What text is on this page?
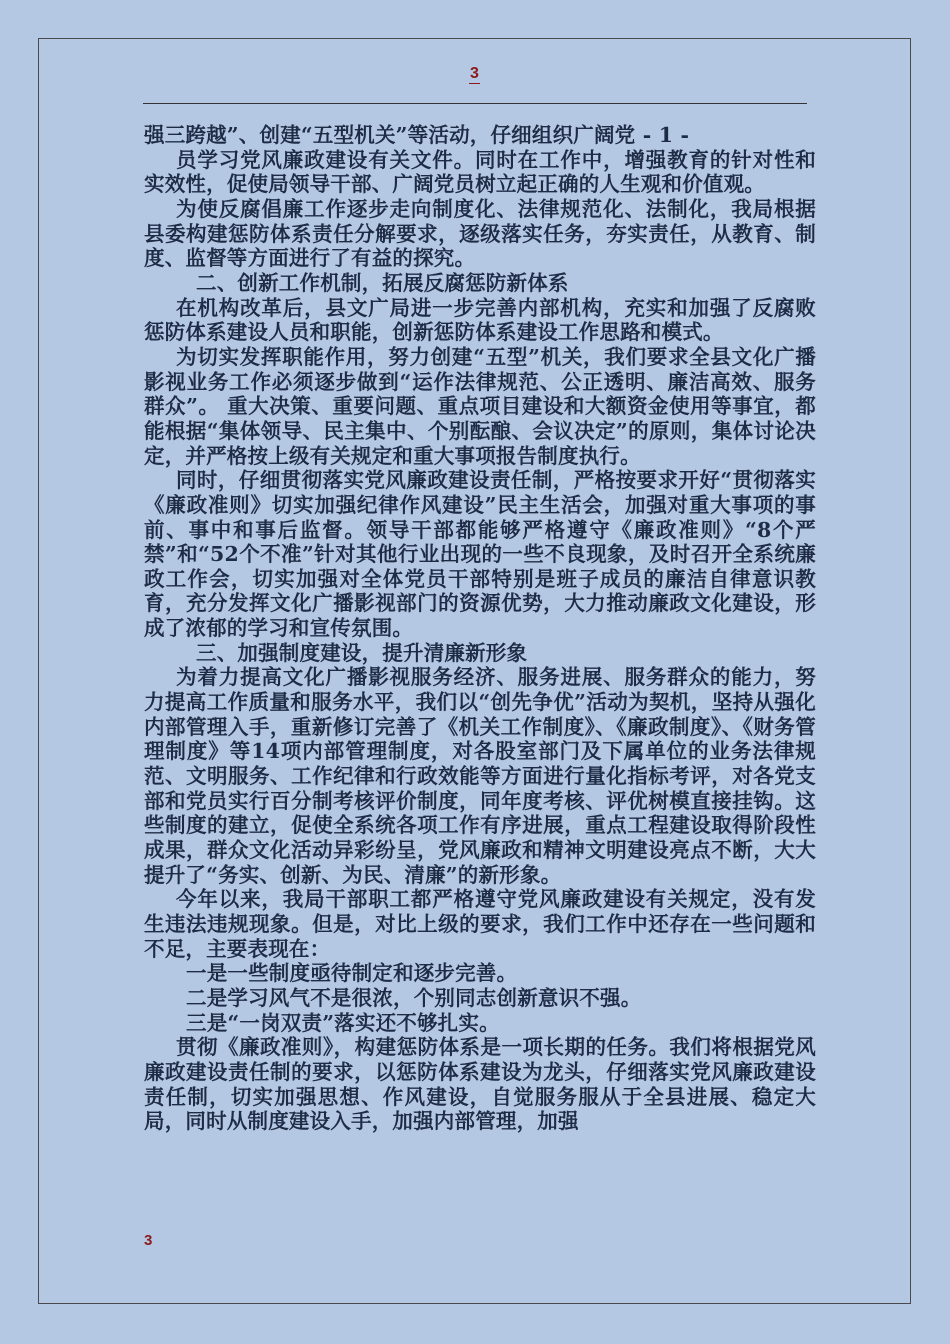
3

强三跨越”、创建“五型机关”等活动，仔细组织广阔党 - 1 -

员学习党风廉政建设有关文件。同时在工作中，增强教育的针对性和实效性，促使局领导干部、广阔党员树立起正确的人生观和价值观。

为使反腐倡廉工作逐步走向制度化、法律规范化、法制化，我局根据县委构建惩防体系责任分解要求，逐级落实任务，夯实责任，从教育、制度、监督等方面进行了有益的探究。

二、创新工作机制，拓展反腐惩防新体系

在机构改革后，县文广局进一步完善内部机构，充实和加强了反腐败惩防体系建设人员和职能，创新惩防体系建设工作思路和模式。

为切实发挥职能作用，努力创建“五型”机关，我们要求全县文化广播影视业务工作必须逐步做到“运作法律规范、公正透明、廉洁高效、服务群众”。 重大决策、重要问题、重点项目建设和大额资金使用等事宜，都能根据“集体领导、民主集中、个别酝酿、会议决定”的原则，集体讨论决定，并严格按上级有关规定和重大事项报告制度执行。

同时，仔细贯彻落实党风廉政建设责任制，严格按要求开好“贯彻落实《廉政准则》切实加强纪律作风建设”民主生活会，加强对重大事项的事前、事中和事后监督。领导干部都能够严格遵守《廉政准则》“8个严禁”和“52个不准”针对其他行业出现的一些不良现象，及时召开全系统廉政工作会，切实加强对全体党员干部特别是班子成员的廉洁自律意识教育，充分发挥文化广播影视部门的资源优势，大力推动廉政文化建设，形成了浓郁的学习和宣传氛围。

三、加强制度建设，提升清廉新形象

为着力提高文化广播影视服务经济、服务进展、服务群众的能力，努力提高工作质量和服务水平，我们以“创先争优”活动为契机，坚持从强化内部管理入手，重新修订完善了《机关工作制度》、《廉政制度》、《财务管理制度》等14项内部管理制度，对各股室部门及下属单位的业务法律规范、文明服务、工作纪律和行政效能等方面进行量化指标考评，对各党支部和党员实行百分制考核评价制度，同年度考核、评优树模直接挂钩。这些制度的建立，促使全系统各项工作有序进展，重点工程建设取得阶段性成果，群众文化活动异彩纷呈，党风廉政和精神文明建设亮点不断，大大提升了“务实、创新、为民、清廉”的新形象。

今年以来，我局干部职工都严格遵守党风廉政建设有关规定，没有发生违法违规现象。但是，对比上级的要求，我们工作中还存在一些问题和不足，主要表现在：

一是一些制度亟待制定和逐步完善。

二是学习风气不是很浓，个别同志创新意识不强。

三是“一岗双责”落实还不够扎实。

贯彻《廉政准则》，构建惩防体系是一项长期的任务。我们将根据党风廉政建设责任制的要求，以惩防体系建设为龙头，仔细落实党风廉政建设责任制，切实加强思想、作风建设，自觉服务服从于全县进展、稳定大局，同时从制度建设入手，加强内部管理，加强

3
